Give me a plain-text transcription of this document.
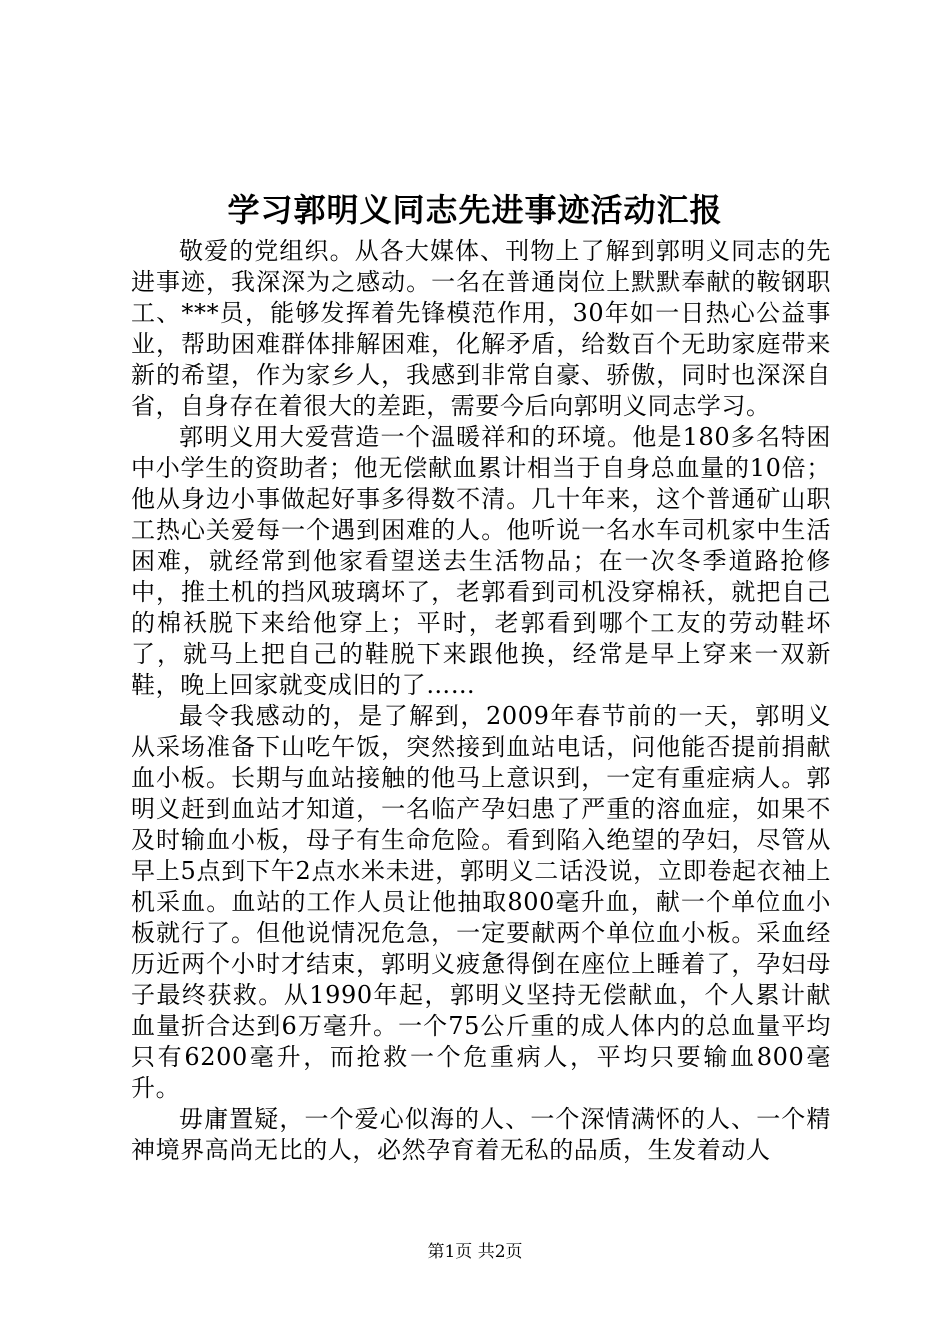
学习郭明义同志先进事迹活动汇报

敬爱的党组织。从各大媒体、刊物上了解到郭明义同志的先进事迹，我深深为之感动。一名在普通岗位上默默奉献的鞍钢职工、***员，能够发挥着先锋模范作用，30年如一日热心公益事业，帮助困难群体排解困难，化解矛盾，给数百个无助家庭带来新的希望，作为家乡人，我感到非常自豪、骄傲，同时也深深自省，自身存在着很大的差距，需要今后向郭明义同志学习。

郭明义用大爱营造一个温暖祥和的环境。他是180多名特困中小学生的资助者；他无偿献血累计相当于自身总血量的10倍；他从身边小事做起好事多得数不清。几十年来，这个普通矿山职工热心关爱每一个遇到困难的人。他听说一名水车司机家中生活困难，就经常到他家看望送去生活物品；在一次冬季道路抢修中，推土机的挡风玻璃坏了，老郭看到司机没穿棉袄，就把自己的棉袄脱下来给他穿上；平时，老郭看到哪个工友的劳动鞋坏了，就马上把自己的鞋脱下来跟他换，经常是早上穿来一双新鞋，晚上回家就变成旧的了……

最令我感动的，是了解到，2009年春节前的一天，郭明义从采场准备下山吃午饭，突然接到血站电话，问他能否提前捐献血小板。长期与血站接触的他马上意识到，一定有重症病人。郭明义赶到血站才知道，一名临产孕妇患了严重的溶血症，如果不及时输血小板，母子有生命危险。看到陷入绝望的孕妇，尽管从早上5点到下午2点水米未进，郭明义二话没说，立即卷起衣袖上机采血。血站的工作人员让他抽取800毫升血，献一个单位血小板就行了。但他说情况危急，一定要献两个单位血小板。采血经历近两个小时才结束，郭明义疲惫得倒在座位上睡着了，孕妇母子最终获救。从1990年起，郭明义坚持无偿献血，个人累计献血量折合达到6万毫升。一个75公斤重的成人体内的总血量平均只有6200毫升，而抢救一个危重病人，平均只要输血800毫升。

毋庸置疑，一个爱心似海的人、一个深情满怀的人、一个精神境界高尚无比的人，必然孕育着无私的品质，生发着动人

第1页 共2页
